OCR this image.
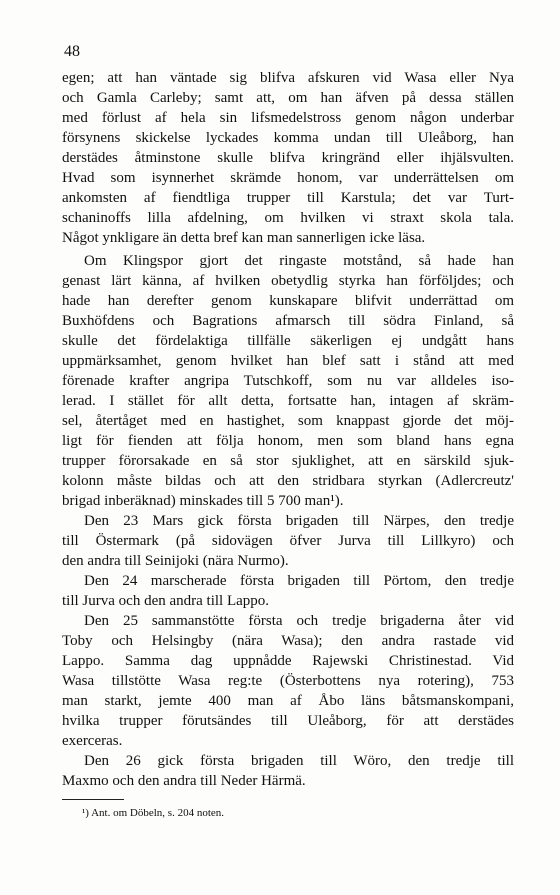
48
egen; att han väntade sig blifva afskuren vid Wasa eller Nya
och Gamla Carleby; samt att, om han äfven på dessa ställen
med förlust af hela sin lifsmedelstross genom någon underbar
försynens skickelse lyckades komma undan till Uleåborg, han
derstädes åtminstone skulle blifva kringränd eller ihjälsvulten.
Hvad som isynnerhet skrämde honom, var underrättelsen om
ankomsten af fiendtliga trupper till Karstula; det var Turt-
schaninoffs lilla afdelning, om hvilken vi straxt skola tala.
Något ynkligare än detta bref kan man sannerligen icke läsa.
Om Klingspor gjort det ringaste motstånd, så hade han
genast lärt känna, af hvilken obetydlig styrka han förföljdes; och
hade han derefter genom kunskapare blifvit underrättad om
Buxhöfdens och Bagrations afmarsch till södra Finland, så
skulle det fördelaktiga tillfälle säkerligen ej undgått hans
uppmärksamhet, genom hvilket han blef satt i stånd att med
förenade krafter angripa Tutschkoff, som nu var alldeles iso-
lerad. I stället för allt detta, fortsatte han, intagen af skräm-
sel, återtåget med en hastighet, som knappast gjorde det möj-
ligt för fienden att följa honom, men som bland hans egna
trupper förorsakade en så stor sjuklighet, att en särskild sjuk-
kolonn måste bildas och att den stridbara styrkan (Adlercreutz'
brigad inberäknad) minskades till 5 700 man¹).
Den 23 Mars gick första brigaden till Närpes, den tredje
till Östermark (på sidovägen öfver Jurva till Lillkyro) och
den andra till Seinijoki (nära Nurmo).
Den 24 marscherade första brigaden till Pörtom, den tredje
till Jurva och den andra till Lappo.
Den 25 sammanstötte första och tredje brigaderna åter vid
Toby och Helsingby (nära Wasa); den andra rastade vid
Lappo. Samma dag uppnådde Rajewski Christinestad. Vid
Wasa tillstötte Wasa reg:te (Österbottens nya rotering), 753
man starkt, jemte 400 man af Åbo läns båtsmanskompani,
hvilka trupper förutsändes till Uleåborg, för att derstädes
exerceras.
Den 26 gick första brigaden till Wöro, den tredje till
Maxmo och den andra till Neder Härmä.
¹) Ant. om Döbeln, s. 204 noten.
